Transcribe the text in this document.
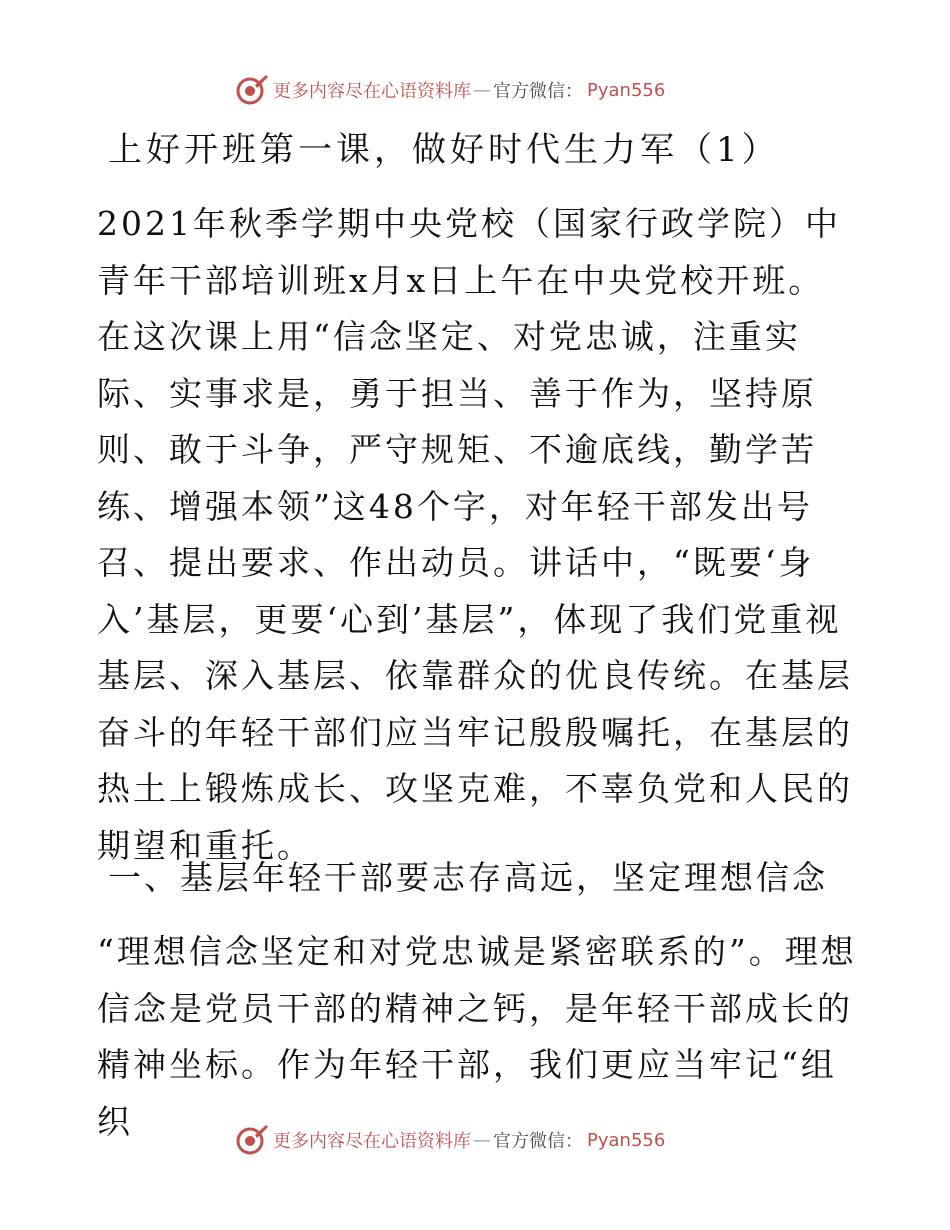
更多内容尽在心语资料库 — 官方微信： Pyan556
上好开班第一课，做好时代生力军（1）

2021年秋季学期中央党校（国家行政学院）中青年干部培训班x月x日上午在中央党校开班。在这次课上用“信念坚定、对党忠诚，注重实际、实事求是，勇于担当、善于作为，坚持原则、敢于斗争，严守规矩、不逾底线，勤学苦练、增强本领”这48个字，对年轻干部发出号召、提出要求、作出动员。讲话中，“既要‘身入’基层，更要‘心到’基层”，体现了我们党重视基层、深入基层、依靠群众的优良传统。在基层奋斗的年轻干部们应当牢记殷殷嘱托，在基层的热土上锻炼成长、攻坚克难，不辜负党和人民的期望和重托。

一、基层年轻干部要志存高远，坚定理想信念

“理想信念坚定和对党忠诚是紧密联系的”。理想信念是党员干部的精神之钙，是年轻干部成长的精神坐标。作为年轻干部，我们更应当牢记“组织

更多内容尽在心语资料库 — 官方微信： Pyan556
